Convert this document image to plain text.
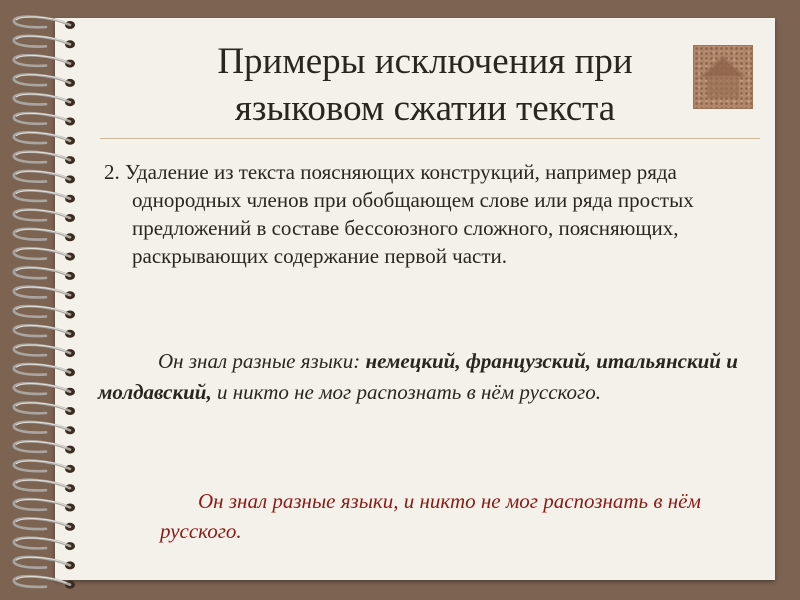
Примеры исключения при
языковом сжатии текста
2. Удаление из текста поясняющих конструкций, например ряда однородных членов при обобщающем слове или ряда простых предложений в составе бессоюзного сложного, поясняющих, раскрывающих содержание первой части.
Он знал разные языки: немецкий, французский, итальянский и молдавский, и никто не мог распознать в нём русского.
Он знал разные языки, и никто не мог распознать в нём русского.
